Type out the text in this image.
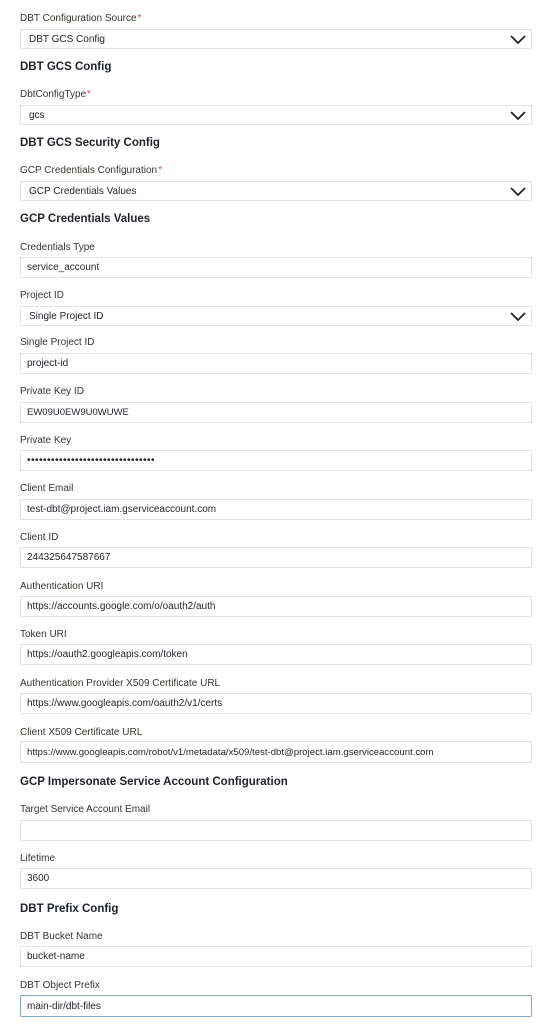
DBT Configuration Source*
DBT GCS Config
DBT GCS Config
DbtConfigType*
gcs
DBT GCS Security Config
GCP Credentials Configuration*
GCP Credentials Values
GCP Credentials Values
Credentials Type
service_account
Project ID
Single Project ID
Single Project ID
project-id
Private Key ID
EW09U0EW9U0WUWE
Private Key
••••••••••••••••••••••••••••••••
Client Email
test-dbt@project.iam.gserviceaccount.com
Client ID
244325647587667
Authentication URI
https://accounts.google.com/o/oauth2/auth
Token URI
https://oauth2.googleapis.com/token
Authentication Provider X509 Certificate URL
https://www.googleapis.com/oauth2/v1/certs
Client X509 Certificate URL
https://www.googleapis.com/robot/v1/metadata/x509/test-dbt@project.iam.gserviceaccount.com
GCP Impersonate Service Account Configuration
Target Service Account Email
Lifetime
3600
DBT Prefix Config
DBT Bucket Name
bucket-name
DBT Object Prefix
main-dir/dbt-files
